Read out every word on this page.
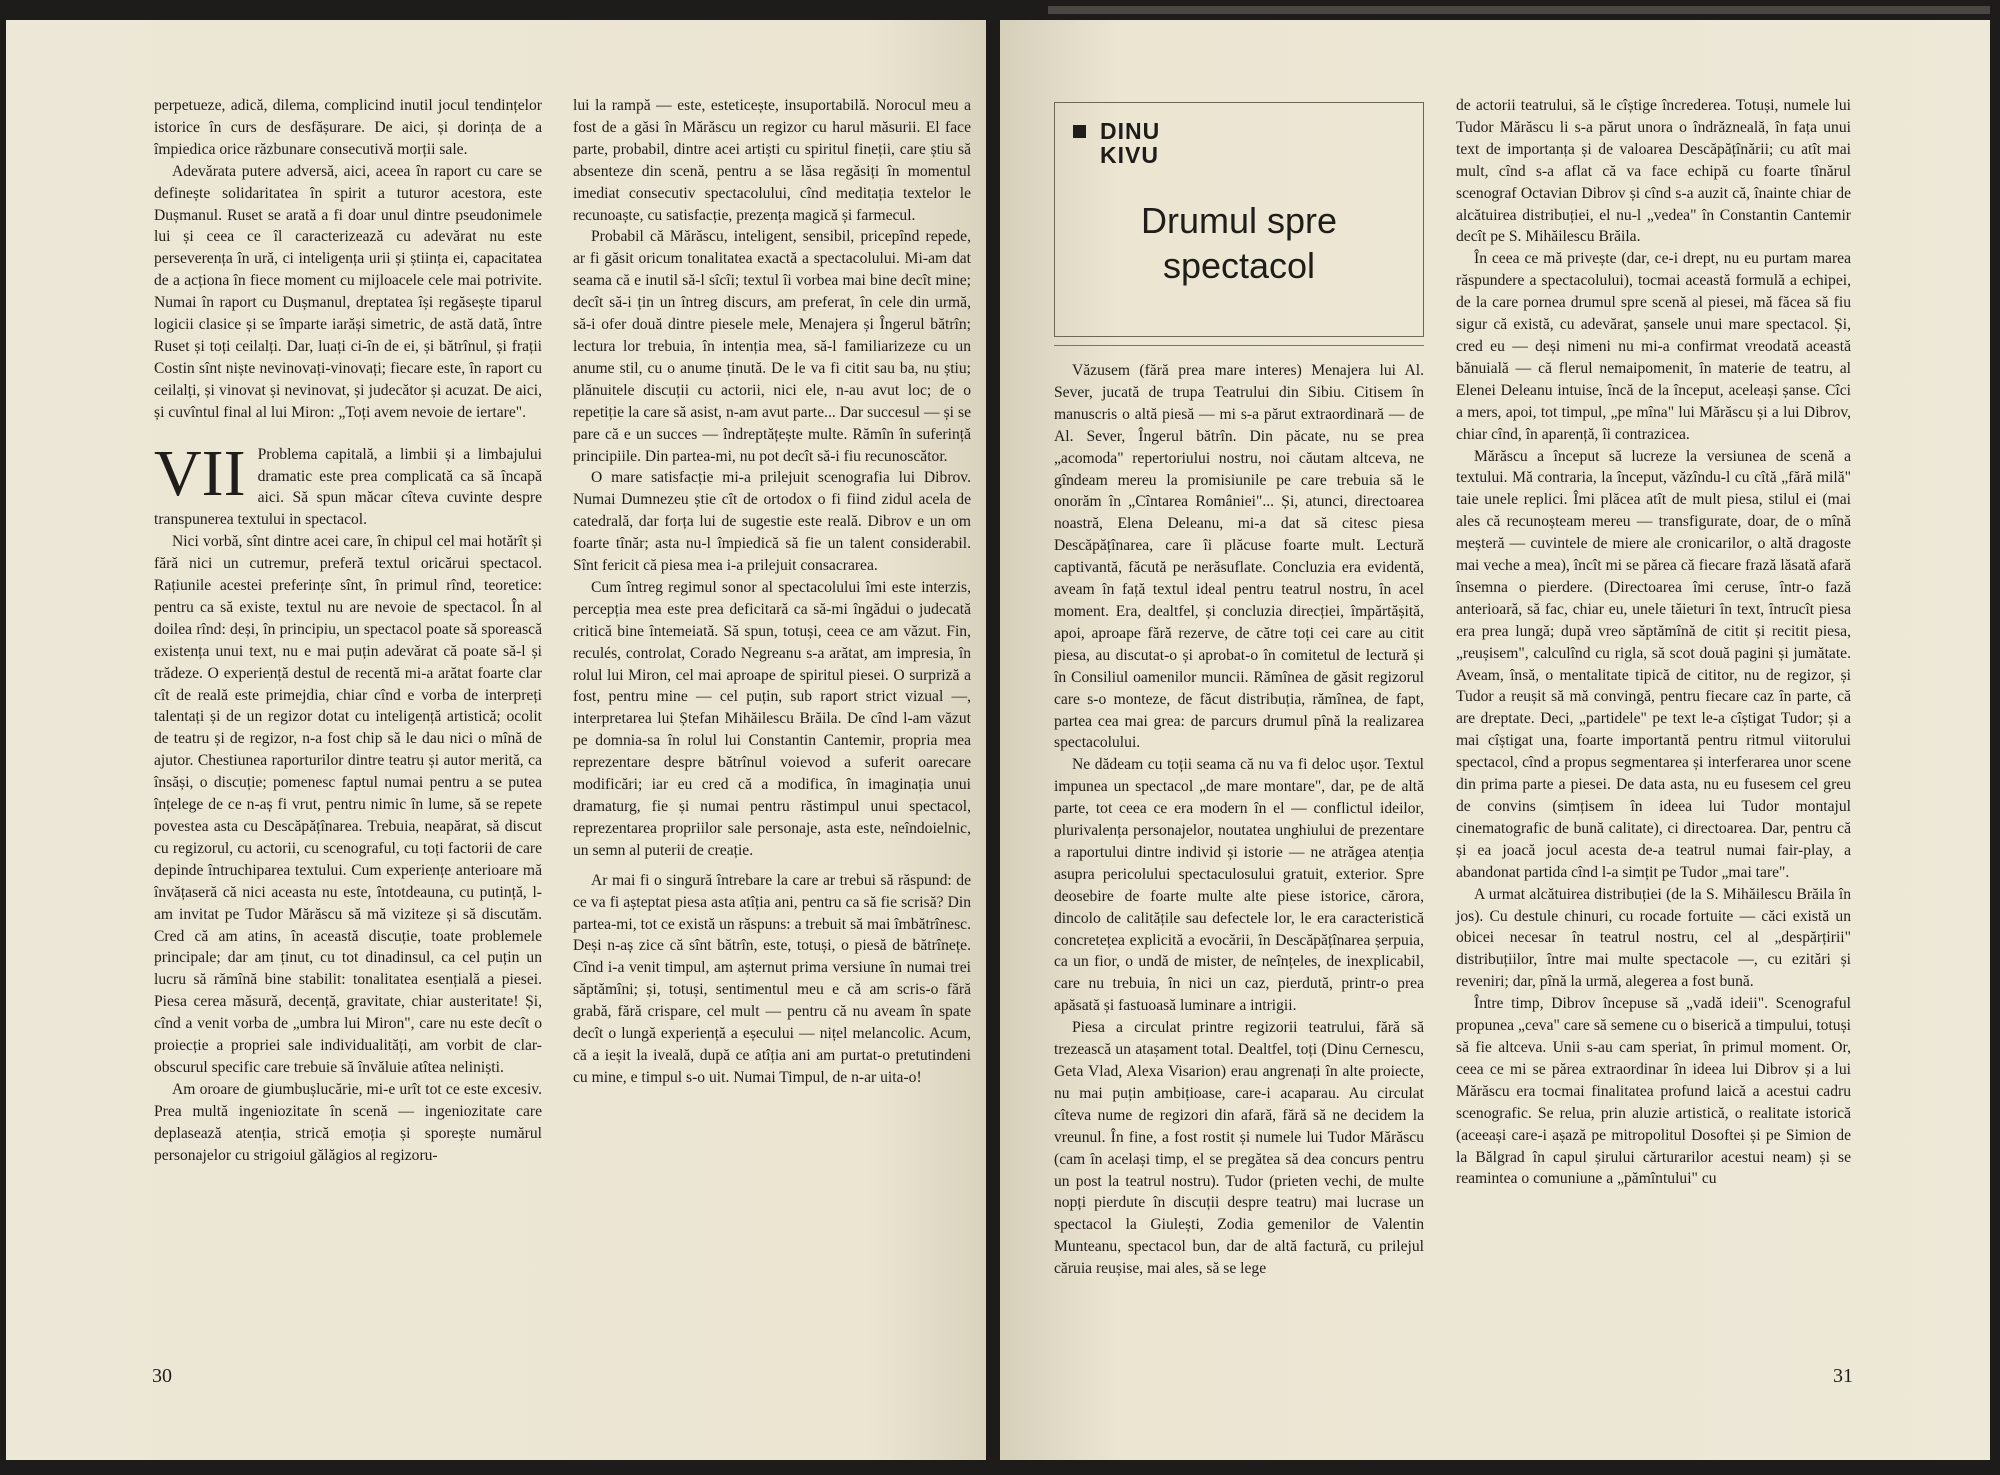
perpetueze, adică, dilema, complicind inutil jocul tendințelor istorice în curs de desfășurare. De aici, și dorința de a împiedica orice răzbunare consecutivă morții sale.

Adevărata putere adversă, aici, aceea în raport cu care se definește solidaritatea în spirit a tuturor acestora, este Dușmanul. Ruset se arată a fi doar unul dintre pseudonimele lui și ceea ce îl caracterizează cu adevărat nu este perseverența în ură, ci inteligența urii și știința ei, capacitatea de a acționa în fiece moment cu mijloacele cele mai potrivite. Numai în raport cu Dușmanul, dreptatea își regăsește tiparul logicii clasice și se împarte iarăși simetric, de astă dată, între Ruset și toți ceilalți. Dar, luați ci-în de ei, și bătrînul, și frații Costin sînt niște nevinovați-vinovați; fiecare este, în raport cu ceilalți, și vinovat și nevinovat, și judecător și acuzat. De aici, și cuvîntul final al lui Miron: „Toți avem nevoie de iertare".

VII Problema capitală, a limbii și a limbajului dramatic este prea complicată ca să încapă aici. Să spun măcar cîteva cuvinte despre transpunerea textului in spectacol.

Nici vorbă, sînt dintre acei care, în chipul cel mai hotărît și fără nici un cutremur, preferă textul oricărui spectacol. Rațiunile acestei preferințe sînt, în primul rînd, teoretice: pentru ca să existe, textul nu are nevoie de spectacol. În al doilea rînd: deși, în principiu, un spectacol poate să sporească existența unui text, nu e mai puțin adevărat că poate să-l și trădeze. O experiență destul de recentă mi-a arătat foarte clar cît de reală este primejdia, chiar cînd e vorba de interpreți talentați și de un regizor dotat cu inteligență artistică; ocolit de teatru și de regizor, n-a fost chip să le dau nici o mînă de ajutor. Chestiunea raporturilor dintre teatru și autor merită, ca însăși, o discuție; pomenesc faptul numai pentru a se putea înțelege de ce n-aș fi vrut, pentru nimic în lume, să se repete povestea asta cu Descăpățînarea. Trebuia, neapărat, să discut cu regizorul, cu actorii, cu scenograful, cu toți factorii de care depinde întruchiparea textului. Cum experiențe anterioare mă învățaseră că nici aceasta nu este, întotdeauna, cu putință, l-am invitat pe Tudor Mărăscu să mă viziteze și să discutăm. Cred că am atins, în această discuție, toate problemele principale; dar am ținut, cu tot dinadinsul, ca cel puțin un lucru să rămînă bine stabilit: tonalitatea esențială a piesei. Piesa cerea măsură, decență, gravitate, chiar austeritate! Și, cînd a venit vorba de „umbra lui Miron", care nu este decît o proiecție a propriei sale individualități, am vorbit de clar-obscurul specific care trebuie să învăluie atîtea neliniști.

Am oroare de giumbușlucărie, mi-e urît tot ce este excesiv. Prea multă ingeniozitate în scenă — ingeniozitate care deplasează atenția, strică emoția și sporește numărul personajelor cu strigoiul gălăgios al regizoru-

lui la rampă — este, esteticește, insuportabilă. Norocul meu a fost de a găsi în Mărăscu un regizor cu harul măsurii. El face parte, probabil, dintre acei artiști cu spiritul fineții, care știu să absenteze din scenă, pentru a se lăsa regăsiți în momentul imediat consecutiv spectacolului, cînd meditația textelor le recunoaște, cu satisfacție, prezența magică și farmecul.

Probabil că Mărăscu, inteligent, sensibil, pricepînd repede, ar fi găsit oricum tonalitatea exactă a spectacolului. Mi-am dat seama că e inutil să-l sîcîi; textul îi vorbea mai bine decît mine; decît să-i țin un întreg discurs, am preferat, în cele din urmă, să-i ofer două dintre piesele mele, Menajera și Îngerul bătrîn; lectura lor trebuia, în intenția mea, să-l familiarizeze cu un anume stil, cu o anume ținută. De le va fi citit sau ba, nu știu; plănuitele discuții cu actorii, nici ele, n-au avut loc; de o repetiție la care să asist, n-am avut parte... Dar succesul — și se pare că e un succes — îndreptățește multe. Rămîn în suferință principiile. Din partea-mi, nu pot decît să-i fiu recunoscător.

O mare satisfacție mi-a prilejuit scenografia lui Dibrov. Numai Dumnezeu știe cît de ortodox o fi fiind zidul acela de catedrală, dar forța lui de sugestie este reală. Dibrov e un om foarte tînăr; asta nu-l împiedică să fie un talent considerabil. Sînt fericit că piesa mea i-a prilejuit consacrarea.

Cum întreg regimul sonor al spectacolului îmi este interzis, percepția mea este prea deficitară ca să-mi îngădui o judecată critică bine întemeiată. Să spun, totuși, ceea ce am văzut. Fin, reculés, controlat, Corado Negreanu s-a arătat, am impresia, în rolul lui Miron, cel mai aproape de spiritul piesei. O surpriză a fost, pentru mine — cel puțin, sub raport strict vizual —, interpretarea lui Ștefan Mihăilescu Brăila. De cînd l-am văzut pe domnia-sa în rolul lui Constantin Cantemir, propria mea reprezentare despre bătrînul voievod a suferit oarecare modificări; iar eu cred că a modifica, în imaginația unui dramaturg, fie și numai pentru răstimpul unui spectacol, reprezentarea propriilor sale personaje, asta este, neîndoielnic, un semn al puterii de creație.

Ar mai fi o singură întrebare la care ar trebui să răspund: de ce va fi așteptat piesa asta atîția ani, pentru ca să fie scrisă? Din partea-mi, tot ce există un răspuns: a trebuit să mai îmbătrînesc. Deși n-aș zice că sînt bătrîn, este, totuși, o piesă de bătrînețe. Cînd i-a venit timpul, am așternut prima versiune în numai trei săptămîni; și, totuși, sentimentul meu e că am scris-o fără grabă, fără crispare, cel mult — pentru că nu aveam în spate decît o lungă experiență a eșecului — nițel melancolic. Acum, că a ieșit la iveală, după ce atîția ani am purtat-o pretutindeni cu mine, e timpul s-o uit. Numai Timpul, de n-ar uita-o!

30
DINU
KIVU
Drumul spre
spectacol

Văzusem (fără prea mare interes) Menajera lui Al. Sever, jucată de trupa Teatrului din Sibiu. Citisem în manuscris o altă piesă — mi s-a părut extraordinară — de Al. Sever, Îngerul bătrîn. Din păcate, nu se prea „acomoda" repertoriului nostru, noi căutam altceva, ne gîndeam mereu la promisiunile pe care trebuia să le onorăm în „Cîntarea României"... Și, atunci, directoarea noastră, Elena Deleanu, mi-a dat să citesc piesa Descăpățînarea, care îi plăcuse foarte mult. Lectură captivantă, făcută pe nerăsuflate. Concluzia era evidentă, aveam în față textul ideal pentru teatrul nostru, în acel moment. Era, dealtfel, și concluzia direcției, împărtășită, apoi, aproape fără rezerve, de către toți cei care au citit piesa, au discutat-o și aprobat-o în comitetul de lectură și în Consiliul oamenilor muncii. Rămînea de găsit regizorul care s-o monteze, de făcut distribuția, rămînea, de fapt, partea cea mai grea: de parcurs drumul pînă la realizarea spectacolului.

Ne dădeam cu toții seama că nu va fi deloc ușor. Textul impunea un spectacol „de mare montare", dar, pe de altă parte, tot ceea ce era modern în el — conflictul ideilor, plurivalența personajelor, noutatea unghiului de prezentare a raportului dintre individ și istorie — ne atrăgea atenția asupra pericolului spectaculosului gratuit, exterior. Spre deosebire de foarte multe alte piese istorice, cărora, dincolo de calitățile sau defectele lor, le era caracteristică concretețea explicită a evocării, în Descăpățînarea șerpuia, ca un fior, o undă de mister, de neînțeles, de inexplicabil, care nu trebuia, în nici un caz, pierdută, printr-o prea apăsată și fastuoasă luminare a intrigii.

Piesa a circulat printre regizorii teatrului, fără să trezească un atașament total. Dealtfel, toți (Dinu Cernescu, Geta Vlad, Alexa Visarion) erau angrenați în alte proiecte, nu mai puțin ambițioase, care-i acaparau. Au circulat cîteva nume de regizori din afară, fără să ne decidem la vreunul. În fine, a fost rostit și numele lui Tudor Mărăscu (cam în același timp, el se pregătea să dea concurs pentru un post la teatrul nostru). Tudor (prieten vechi, de multe nopți pierdute în discuții despre teatru) mai lucrase un spectacol la Giulești, Zodia gemenilor de Valentin Munteanu, spectacol bun, dar de altă factură, cu prilejul căruia reușise, mai ales, să se lege

de actorii teatrului, să le cîștige încrederea. Totuși, numele lui Tudor Mărăscu li s-a părut unora o îndrăzneală, în fața unui text de importanța și de valoarea Descăpățînării; cu atît mai mult, cînd s-a aflat că va face echipă cu foarte tînărul scenograf Octavian Dibrov și cînd s-a auzit că, înainte chiar de alcătuirea distribuției, el nu-l „vedea" în Constantin Cantemir decît pe S. Mihăilescu Brăila.

În ceea ce mă privește (dar, ce-i drept, nu eu purtam marea răspundere a spectacolului), tocmai această formulă a echipei, de la care pornea drumul spre scenă al piesei, mă făcea să fiu sigur că există, cu adevărat, șansele unui mare spectacol. Și, cred eu — deși nimeni nu mi-a confirmat vreodată această bănuială — că flerul nemaipomenit, în materie de teatru, al Elenei Deleanu intuise, încă de la început, aceleași șanse. Cîci a mers, apoi, tot timpul, „pe mîna" lui Mărăscu și a lui Dibrov, chiar cînd, în aparență, îi contrazicea.

Mărăscu a început să lucreze la versiunea de scenă a textului. Mă contraria, la început, văzîndu-l cu cîtă „fără milă" taie unele replici. Îmi plăcea atît de mult piesa, stilul ei (mai ales că recunoșteam mereu — transfigurate, doar, de o mînă meșteră — cuvintele de miere ale cronicarilor, o altă dragoste mai veche a mea), încît mi se părea că fiecare frază lăsată afară însemna o pierdere. (Directoarea îmi ceruse, într-o fază anterioară, să fac, chiar eu, unele tăieturi în text, întrucît piesa era prea lungă; după vreo săptămînă de citit și recitit piesa, „reușisem", calculînd cu rigla, să scot două pagini și jumătate. Aveam, însă, o mentalitate tipică de cititor, nu de regizor, și Tudor a reușit să mă convingă, pentru fiecare caz în parte, că are dreptate. Deci, „partidele" pe text le-a cîștigat Tudor; și a mai cîștigat una, foarte importantă pentru ritmul viitorului spectacol, cînd a propus segmentarea și interferarea unor scene din prima parte a piesei. De data asta, nu eu fusesem cel greu de convins (simțisem în ideea lui Tudor montajul cinematografic de bună calitate), ci directoarea. Dar, pentru că și ea joacă jocul acesta de-a teatrul numai fair-play, a abandonat partida cînd l-a simțit pe Tudor „mai tare".

A urmat alcătuirea distribuției (de la S. Mihăilescu Brăila în jos). Cu destule chinuri, cu rocade fortuite — căci există un obicei necesar în teatrul nostru, cel al „despărțirii" distribuțiilor, între mai multe spectacole —, cu ezitări și reveniri; dar, pînă la urmă, alegerea a fost bună.

Între timp, Dibrov începuse să „vadă ideii". Scenograful propunea „ceva" care să semene cu o biserică a timpului, totuși să fie altceva. Unii s-au cam speriat, în primul moment. Or, ceea ce mi se părea extraordinar în ideea lui Dibrov și a lui Mărăscu era tocmai finalitatea profund laică a acestui cadru scenografic. Se relua, prin aluzie artistică, o realitate istorică (aceeași care-i așază pe mitropolitul Dosoftei și pe Simion de la Bălgrad în capul șirului cărturarilor acestui neam) și se reamintea o comuniune a „pămîntului" cu

31
